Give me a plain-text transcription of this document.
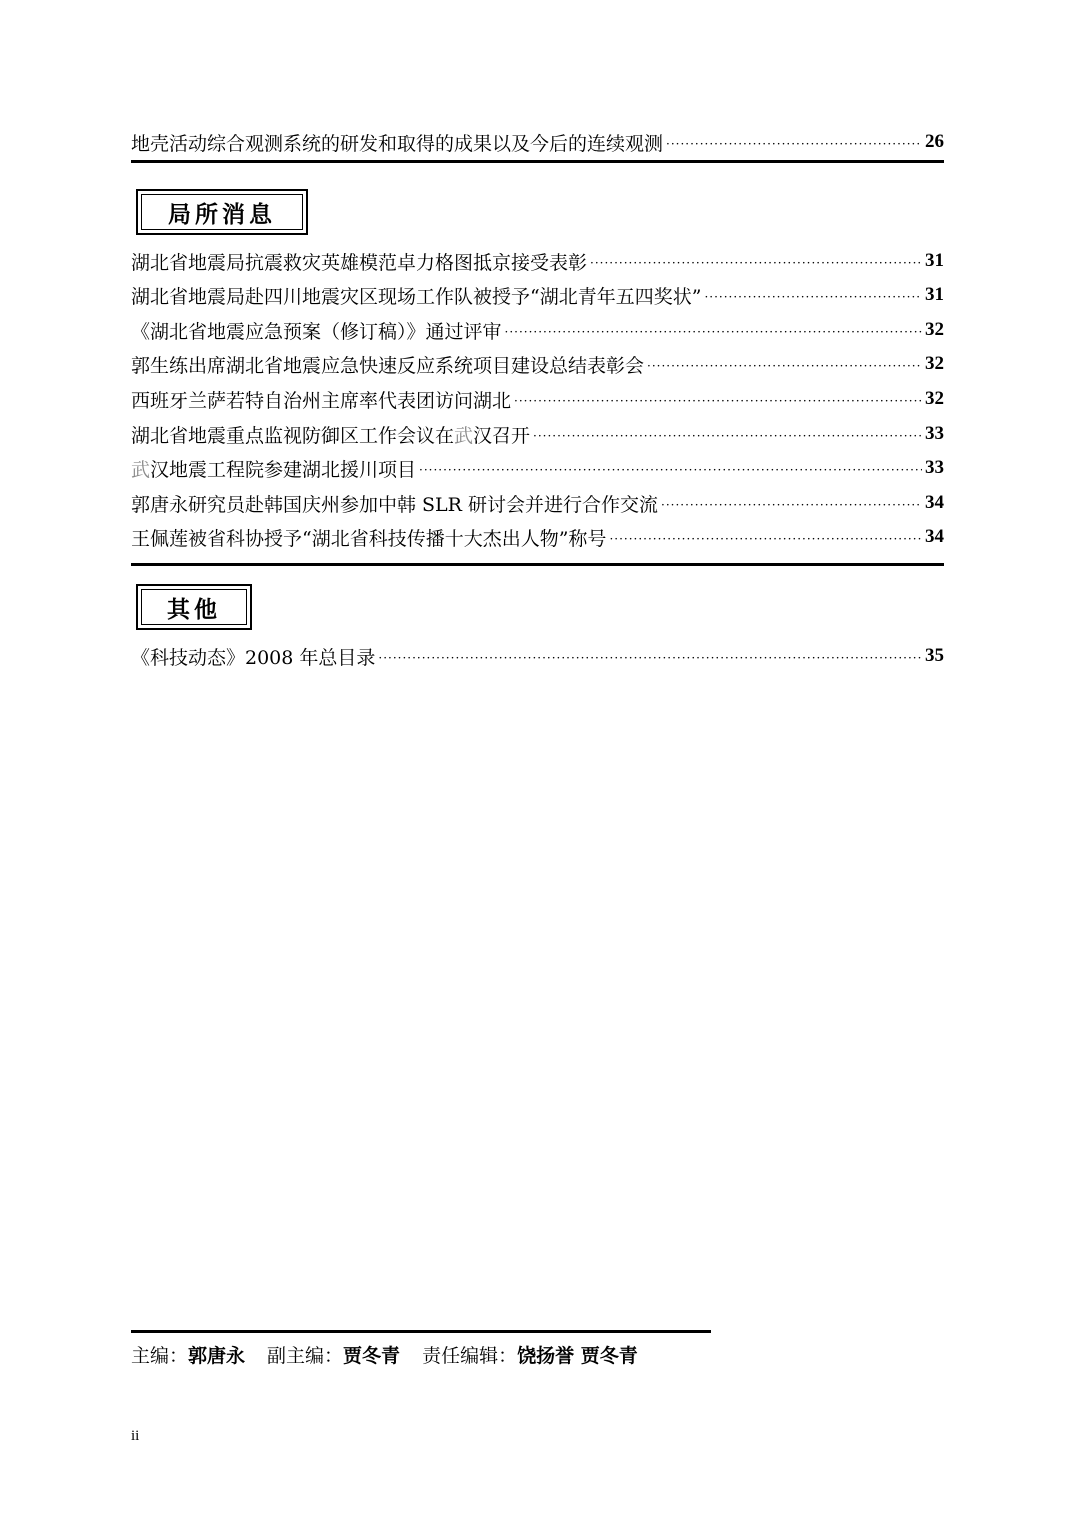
地壳活动综合观测系统的研发和取得的成果以及今后的连续观测 ·····	26
局所消息
湖北省地震局抗震救灾英雄模范卓力格图抵京接受表彰 ·····	31
湖北省地震局赴四川地震灾区现场工作队被授予“湖北青年五四奖状” ·····	31
《湖北省地震应急预案（修订稿）》通过评审 ·····	32
郭生练出席湖北省地震应急快速反应系统项目建设总结表彰会 ·····	32
西班牙兰萨若特自治州主席率代表团访问湖北 ·····	32
湖北省地震重点监视防御区工作会议在武汉召开 ·····	33
武汉地震工程院参建湖北援川项目 ·····	33
郭唐永研究员赴韩国庆州参加中韩 SLR 研讨会并进行合作交流 ·····	34
王佩莲被省科协授予“湖北省科技传播十大杰出人物”称号 ·····	34
其他
《科技动态》2008 年总目录 ·····	35
主编：郭唐永 副主编：贾冬青 责任编辑：饶扬誉 贾冬青
ii
